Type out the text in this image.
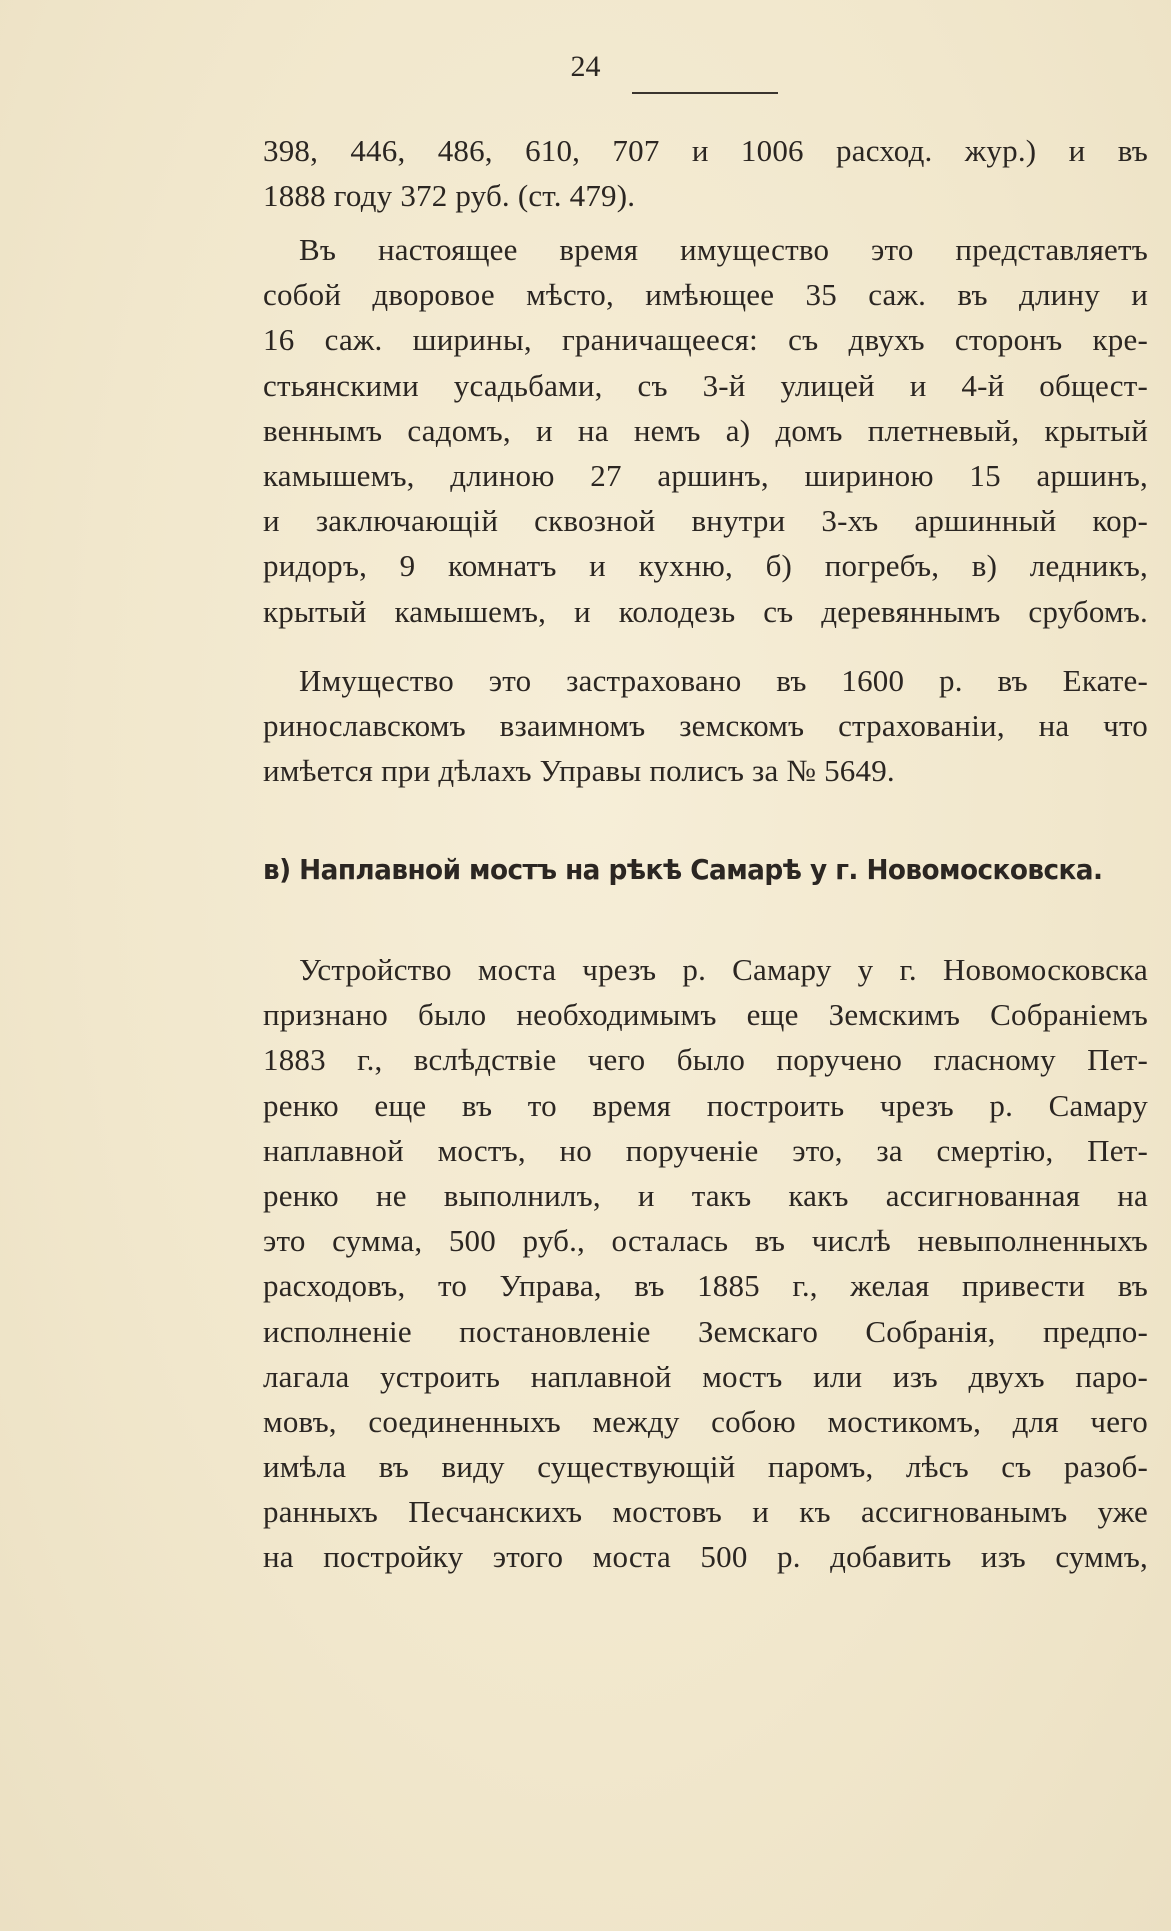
24
398, 446, 486, 610, 707 и 1006 расход. жур.) и въ
1888 году 372 руб. (ст. 479).
Въ настоящее время имущество это представляетъ
собой дворовое мѣсто, имѣющее 35 саж. въ длину и
16 саж. ширины, граничащееся: съ двухъ сторонъ кре-
стьянскими усадьбами, съ 3-й улицей и 4-й общест-
веннымъ садомъ, и на немъ а) домъ плетневый, крытый
камышемъ, длиною 27 аршинъ, шириною 15 аршинъ,
и заключающій сквозной внутри 3-хъ аршинный кор-
ридоръ, 9 комнатъ и кухню, б) погребъ, в) ледникъ,
крытый камышемъ, и колодезь съ деревяннымъ срубомъ.
Имущество это застраховано въ 1600 р. въ Екате-
ринославскомъ взаимномъ земскомъ страхованіи, на что
имѣется при дѣлахъ Управы полисъ за № 5649.
в) Наплавной мостъ на рѣкѣ Самарѣ у г. Новомосковска.
Устройство моста чрезъ р. Самару у г. Новомосковска
признано было необходимымъ еще Земскимъ Собраніемъ
1883 г., вслѣдствіе чего было поручено гласному Пет-
ренко еще въ то время построить чрезъ р. Самару
наплавной мостъ, но порученіе это, за смертію, Пет-
ренко не выполнилъ, и такъ какъ ассигнованная на
это сумма, 500 руб., осталась въ числѣ невыполненныхъ
расходовъ, то Управа, въ 1885 г., желая привести въ
исполненіе постановленіе Земскаго Собранія, предпо-
лагала устроить наплавной мостъ или изъ двухъ паро-
мовъ, соединенныхъ между собою мостикомъ, для чего
имѣла въ виду существующій паромъ, лѣсъ съ разоб-
ранныхъ Песчанскихъ мостовъ и къ ассигнованымъ уже
на постройку этого моста 500 р. добавить изъ суммъ,
